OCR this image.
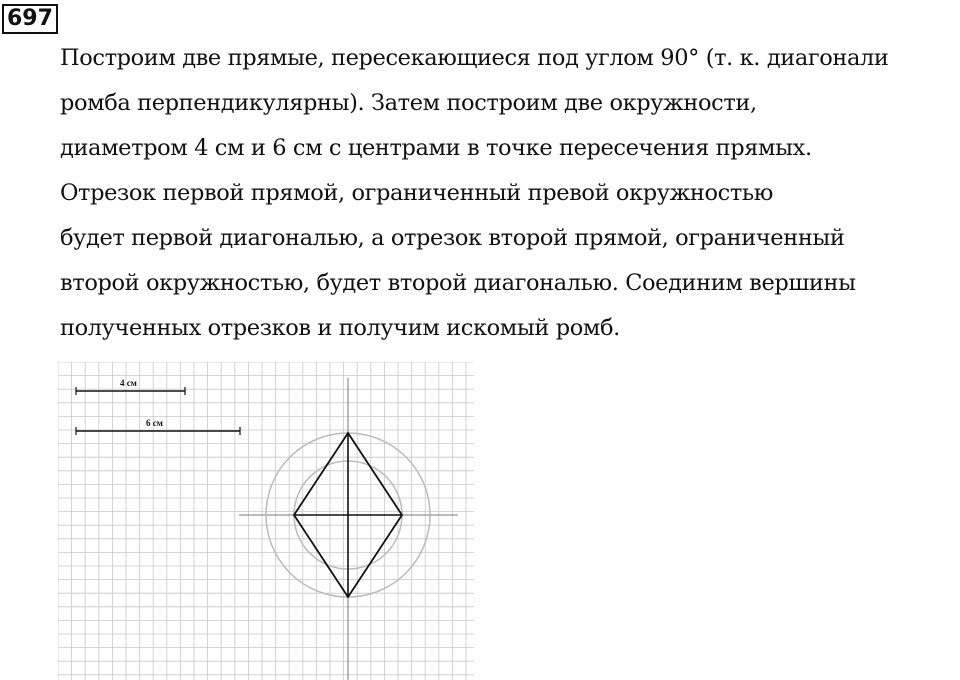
697
Построим две прямые, пересекающиеся под углом 90° (т. к. диагонали
ромба перпендикулярны). Затем построим две окружности,
диаметром 4 см и 6 см с центрами в точке пересечения прямых.
Отрезок первой прямой, ограниченный превой окружностью
будет первой диагональю, а отрезок второй прямой, ограниченный
второй окружностью, будет второй диагональю. Соединим вершины
полученных отрезков и получим искомый ромб.
4 см
6 см
